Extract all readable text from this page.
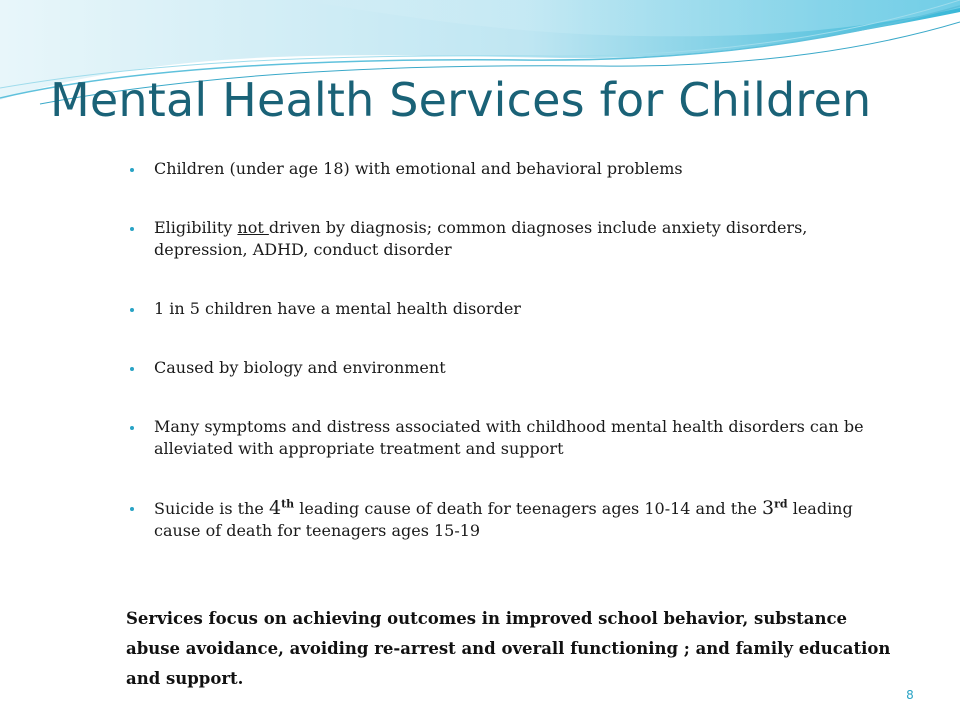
Mental Health Services for Children
Children (under age 18) with emotional and behavioral problems
Eligibility not driven by diagnosis; common diagnoses include anxiety disorders, depression, ADHD, conduct disorder
1 in 5 children have a mental health disorder
Caused by biology and environment
Many symptoms and distress associated with childhood mental health disorders can be alleviated with appropriate treatment and support
Suicide is the 4th leading cause of death for teenagers ages 10-14 and the 3rd leading cause of death for teenagers ages 15-19
Services focus on achieving outcomes in improved school behavior, substance abuse avoidance, avoiding re-arrest and overall functioning ; and family education and support.
8
